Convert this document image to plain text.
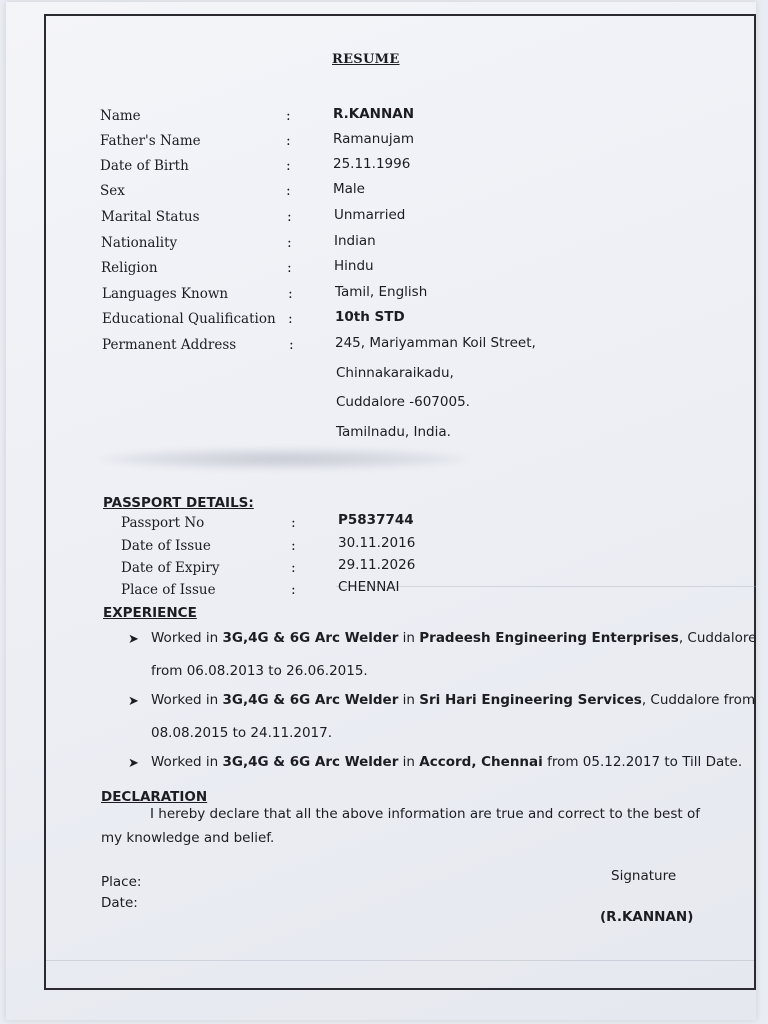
RESUME
Name	:	R.KANNAN
Father's Name	:	Ramanujam
Date of Birth	:	25.11.1996
Sex	:	Male
Marital Status	:	Unmarried
Nationality	:	Indian
Religion	:	Hindu
Languages Known	:	Tamil, English
Educational Qualification :	10th STD
Permanent Address	:	245, Mariyamman Koil Street,
Chinnakaraikadu,
Cuddalore -607005.
Tamilnadu, India.
PASSPORT DETAILS:
Passport No	:	P5837744
Date of Issue	:	30.11.2016
Date of Expiry	:	29.11.2026
Place of Issue	:	CHENNAI
EXPERIENCE
➤ Worked in 3G,4G & 6G Arc Welder in Pradeesh Engineering Enterprises, Cuddalore
from 06.08.2013 to 26.06.2015.
➤ Worked in 3G,4G & 6G Arc Welder in Sri Hari Engineering Services, Cuddalore from
08.08.2015 to 24.11.2017.
➤ Worked in 3G,4G & 6G Arc Welder in Accord, Chennai from 05.12.2017 to Till Date.
DECLARATION
I hereby declare that all the above information are true and correct to the best of
my knowledge and belief.
Place:
Date:
Signature
(R.KANNAN)
